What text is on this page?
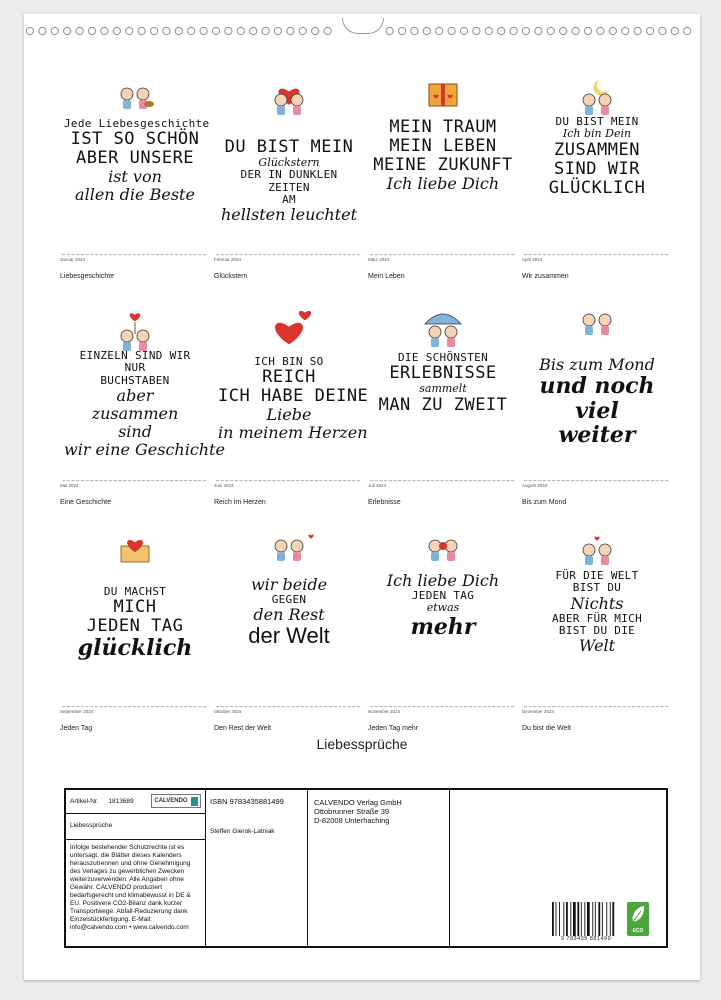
Jede Liebesgeschichte
IST SO SCHÖN
ABER UNSERE
ist von
allen die Beste
Januar 2024
Liebesgeschichte
DU BIST MEIN
Glückstern
DER IN DUNKLEN
ZEITEN
AM
hellsten leuchtet
Februar 2024
Glückstern
MEIN TRAUM
MEIN LEBEN
MEINE ZUKUNFT
Ich liebe Dich
März 2024
Mein Leben
DU BIST MEIN
Ich bin Dein
ZUSAMMEN
SIND WIR
GLÜCKLICH
April 2024
Wir zusammen
EINZELN SIND WIR
NUR
BUCHSTABEN
aber
zusammen
sind
wir eine Geschichte
Mai 2024
Eine Geschichte
ICH BIN SO
REICH
ICH HABE DEINE
Liebe
in meinem Herzen
Juni 2024
Reich im Herzen
DIE SCHÖNSTEN
ERLEBNISSE
sammelt
MAN ZU ZWEIT
Juli 2024
Erlebnisse
Bis zum Mond
und noch
viel
weiter
August 2024
Bis zum Mond
DU MACHST
MICH
JEDEN TAG
glücklich
September 2024
Jeden Tag
wir beide
GEGEN
den Rest
der Welt
Oktober 2024
Den Rest der Welt
Ich liebe Dich
JEDEN TAG
etwas
mehr
November 2024
Jeden Tag mehr
FÜR DIE WELT
BIST DU
Nichts
ABER FÜR MICH
BIST DU DIE
Welt
Dezember 2024
Du bist die Welt
Liebessprüche
Artikel-Nr. 1813689	CALVENDO
Liebessprüche
Infolge bestehender Schutzrechte ist es untersagt, die Blätter dieses Kalenders herauszutrennen und ohne Genehmigung des Verlages zu gewerblichen Zwecken weiterzuverwenden. Alle Angaben ohne Gewähr. CALVENDO produziert bedarfsgerecht und klimabewusst in DE & EU. Positivere CO2-Bilanz dank kurzer Transportwege. Abfall-Reduzierung dank Einzelstückfertigung. E-Mail: info@calvendo.com • www.calvendo.com
ISBN 9783435881499
Steffen Gierok-Latniak
CALVENDO Verlag GmbH
Ottobrunner Straße 39
D-82008 Unterhaching
9 783435 881499
ECO
